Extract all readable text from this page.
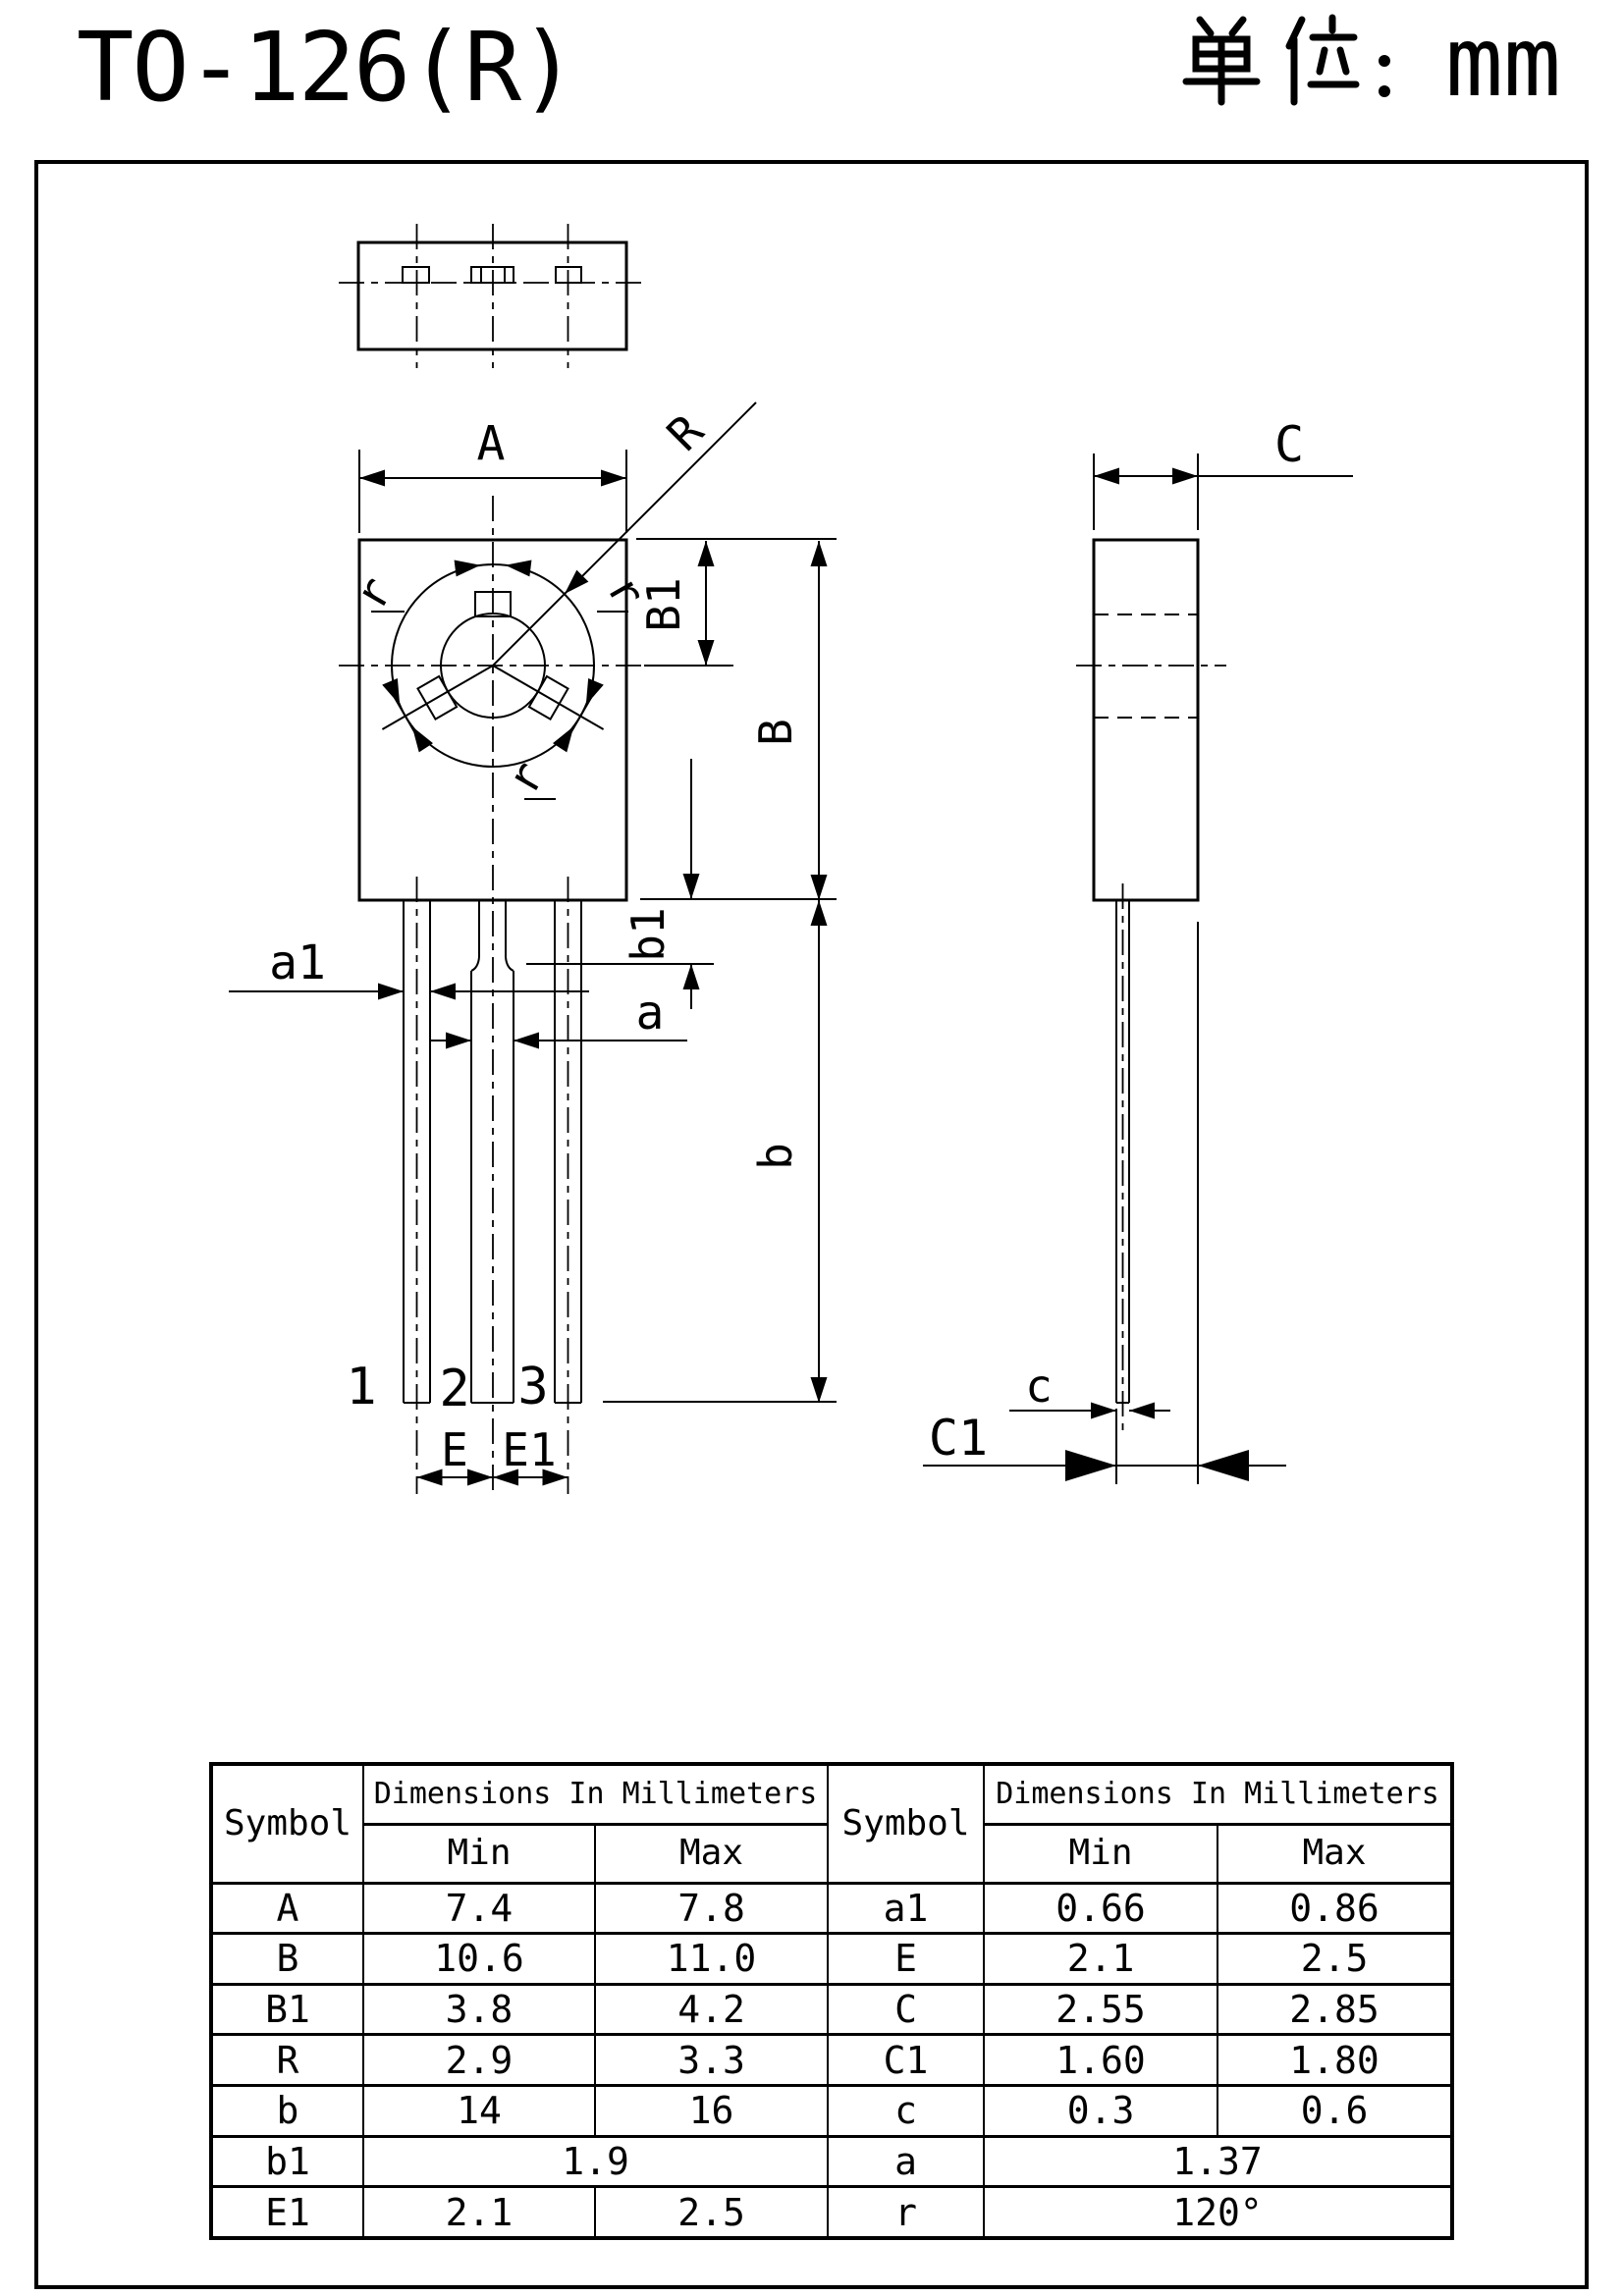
TO-126(R)	mm
r	r
r
R
1 2 3
A
B1
B
b
b1
a1
a
E E1
C
c
C1
Symbol	Dimensions In Millimeters		Symbol	Dimensions In Millimeters	
	Min	Max		Min	Max
A	7.4	7.8	a1	0.66	0.86
B	10.6	11.0	E	2.1	2.5
B1	3.8	4.2	C	2.55	2.85
R	2.9	3.3	C1	1.60	1.80
b	14	16	c	0.3	0.6
b1	1.9		a	1.37	
E1	2.1	2.5	r	120°	
